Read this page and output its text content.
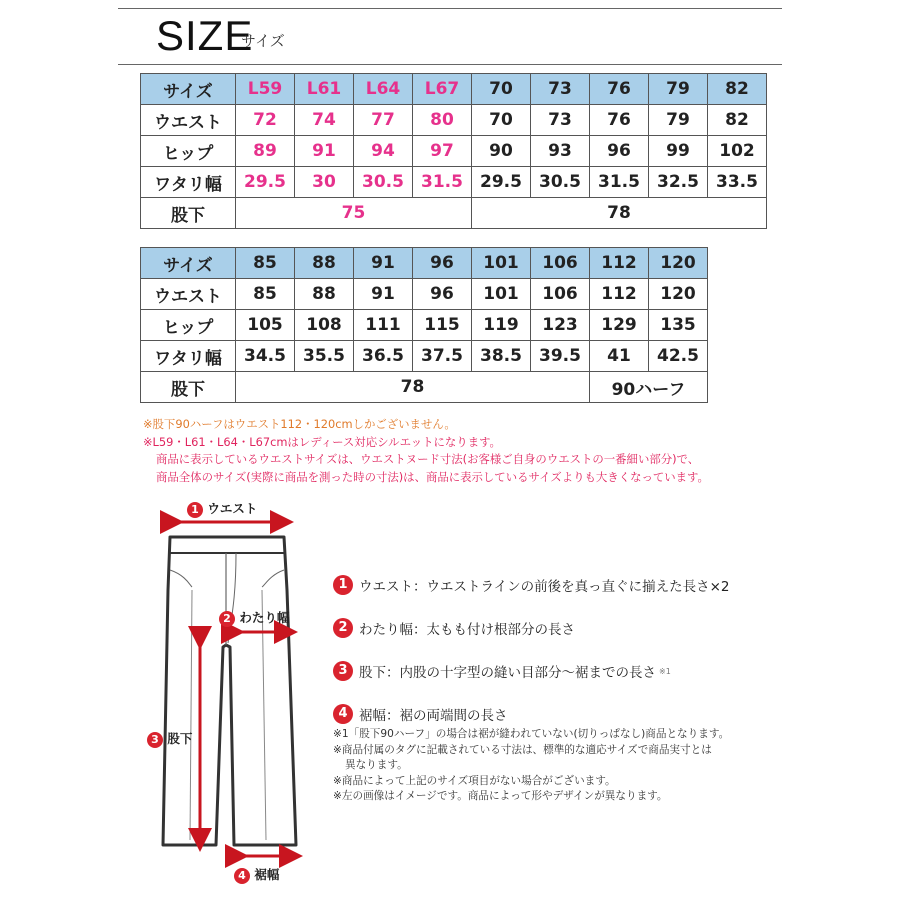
SIZE
サイズ
サイズ	L59	L61	L64	L67	70	73	76	79	82
ウエスト	72	74	77	80	70	73	76	79	82
ヒップ	89	91	94	97	90	93	96	99	102
ワタリ幅	29.5	30	30.5	31.5	29.5	30.5	31.5	32.5	33.5
股下	75				78				
サイズ	85	88	91	96	101	106	112	120
ウエスト	85	88	91	96	101	106	112	120
ヒップ	105	108	111	115	119	123	129	135
ワタリ幅	34.5	35.5	36.5	37.5	38.5	39.5	41	42.5
股下	78						90ハーフ	
※股下90ハーフはウエスト112・120cmしかございません。
※L59・L61・L64・L67cmはレディース対応シルエットになります。
商品に表示しているウエストサイズは、ウエストヌード寸法(お客様ご自身のウエストの一番細い部分)で、
商品全体のサイズ(実際に商品を測った時の寸法)は、商品に表示しているサイズよりも大きくなっています。
1 ウエスト
2 わたり幅
3 股下
4 裾幅
1 ウエスト：ウエストラインの前後を真っ直ぐに揃えた長さ×2
2 わたり幅：太もも付け根部分の長さ
3 股下：内股の十字型の縫い目部分～裾までの長さ ※1
4 裾幅：裾の両端間の長さ
※1「股下90ハーフ」の場合は裾が縫われていない(切りっぱなし)商品となります。
※商品付属のタグに記載されている寸法は、標準的な適応サイズで商品実寸とは
異なります。
※商品によって上記のサイズ項目がない場合がございます。
※左の画像はイメージです。商品によって形やデザインが異なります。
